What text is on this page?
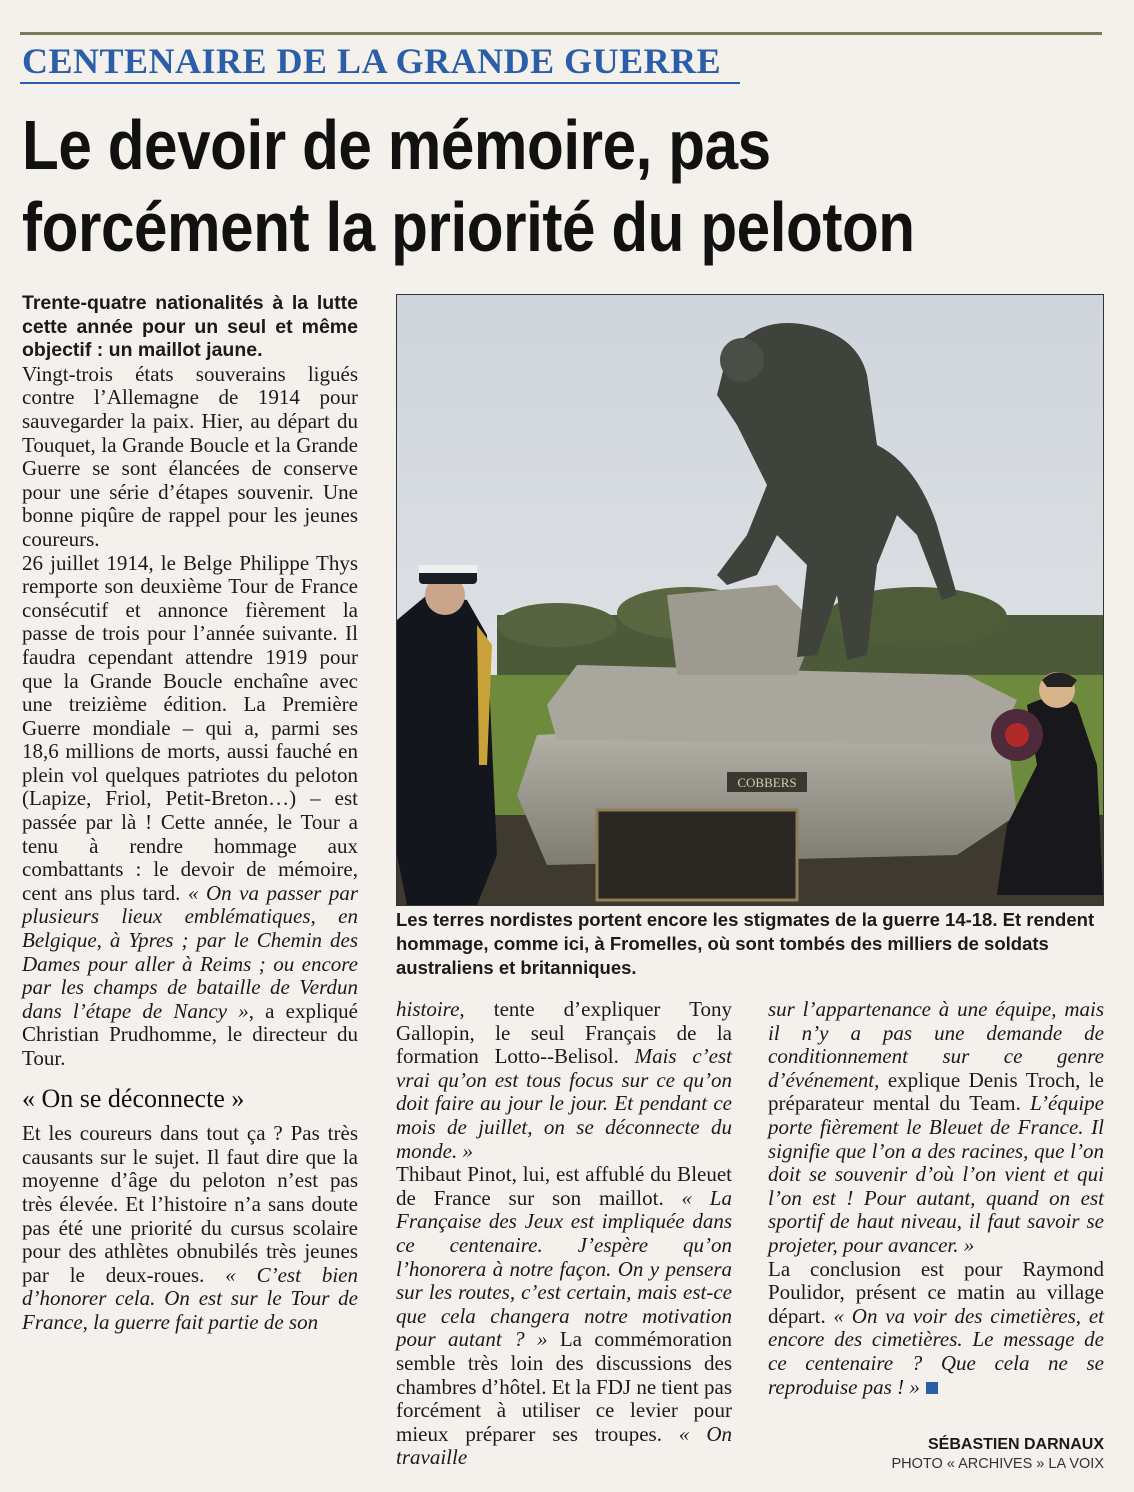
CENTENAIRE DE LA GRANDE GUERRE
Le devoir de mémoire, pas forcément la priorité du peloton

Trente-quatre nationalités à la lutte cette année pour un seul et même objectif : un maillot jaune.

Vingt-trois états souverains ligués contre l’Allemagne de 1914 pour sauvegarder la paix. Hier, au départ du Touquet, la Grande Boucle et la Grande Guerre se sont élancées de conserve pour une série d’étapes souvenir. Une bonne piqûre de rappel pour les jeunes coureurs.

26 juillet 1914, le Belge Philippe Thys remporte son deuxième Tour de France consécutif et annonce fièrement la passe de trois pour l’année suivante. Il faudra cependant attendre 1919 pour que la Grande Boucle enchaîne avec une treizième édition. La Première Guerre mondiale – qui a, parmi ses 18,6 millions de morts, aussi fauché en plein vol quelques patriotes du peloton (Lapize, Friol, Petit-Breton…) – est passée par là ! Cette année, le Tour a tenu à rendre hommage aux combattants : le devoir de mémoire, cent ans plus tard. « On va passer par plusieurs lieux emblématiques, en Belgique, à Ypres ; par le Chemin des Dames pour aller à Reims ; ou encore par les champs de bataille de Verdun dans l’étape de Nancy », a expliqué Christian Prudhomme, le directeur du Tour.

« On se déconnecte »

Et les coureurs dans tout ça ? Pas très causants sur le sujet. Il faut dire que la moyenne d’âge du peloton n’est pas très élevée. Et l’histoire n’a sans doute pas été une priorité du cursus scolaire pour des athlètes obnubilés très jeunes par le deux-roues. « C’est bien d’honorer cela. On est sur le Tour de France, la guerre fait partie de son

COBBERS
Les terres nordistes portent encore les stigmates de la guerre 14-18. Et rendent hommage, comme ici, à Fromelles, où sont tombés des milliers de soldats australiens et britanniques.

histoire, tente d’expliquer Tony Gallopin, le seul Français de la formation Lotto--Belisol. Mais c’est vrai qu’on est tous focus sur ce qu’on doit faire au jour le jour. Et pendant ce mois de juillet, on se déconnecte du monde. »

Thibaut Pinot, lui, est affublé du Bleuet de France sur son maillot. « La Française des Jeux est impliquée dans ce centenaire. J’espère qu’on l’honorera à notre façon. On y pensera sur les routes, c’est certain, mais est-ce que cela changera notre motivation pour autant ? » La commémoration semble très loin des discussions des chambres d’hôtel. Et la FDJ ne tient pas forcément à utiliser ce levier pour mieux préparer ses troupes. « On travaille

sur l’appartenance à une équipe, mais il n’y a pas une demande de conditionnement sur ce genre d’événement, explique Denis Troch, le préparateur mental du Team. L’équipe porte fièrement le Bleuet de France. Il signifie que l’on a des racines, que l’on doit se souvenir d’où l’on vient et qui l’on est ! Pour autant, quand on est sportif de haut niveau, il faut savoir se projeter, pour avancer. »

La conclusion est pour Raymond Poulidor, présent ce matin au village départ. « On va voir des cimetières, et encore des cimetières. Le message de ce centenaire ? Que cela ne se reproduise pas ! »

SÉBASTIEN DARNAUX
PHOTO « ARCHIVES » LA VOIX
